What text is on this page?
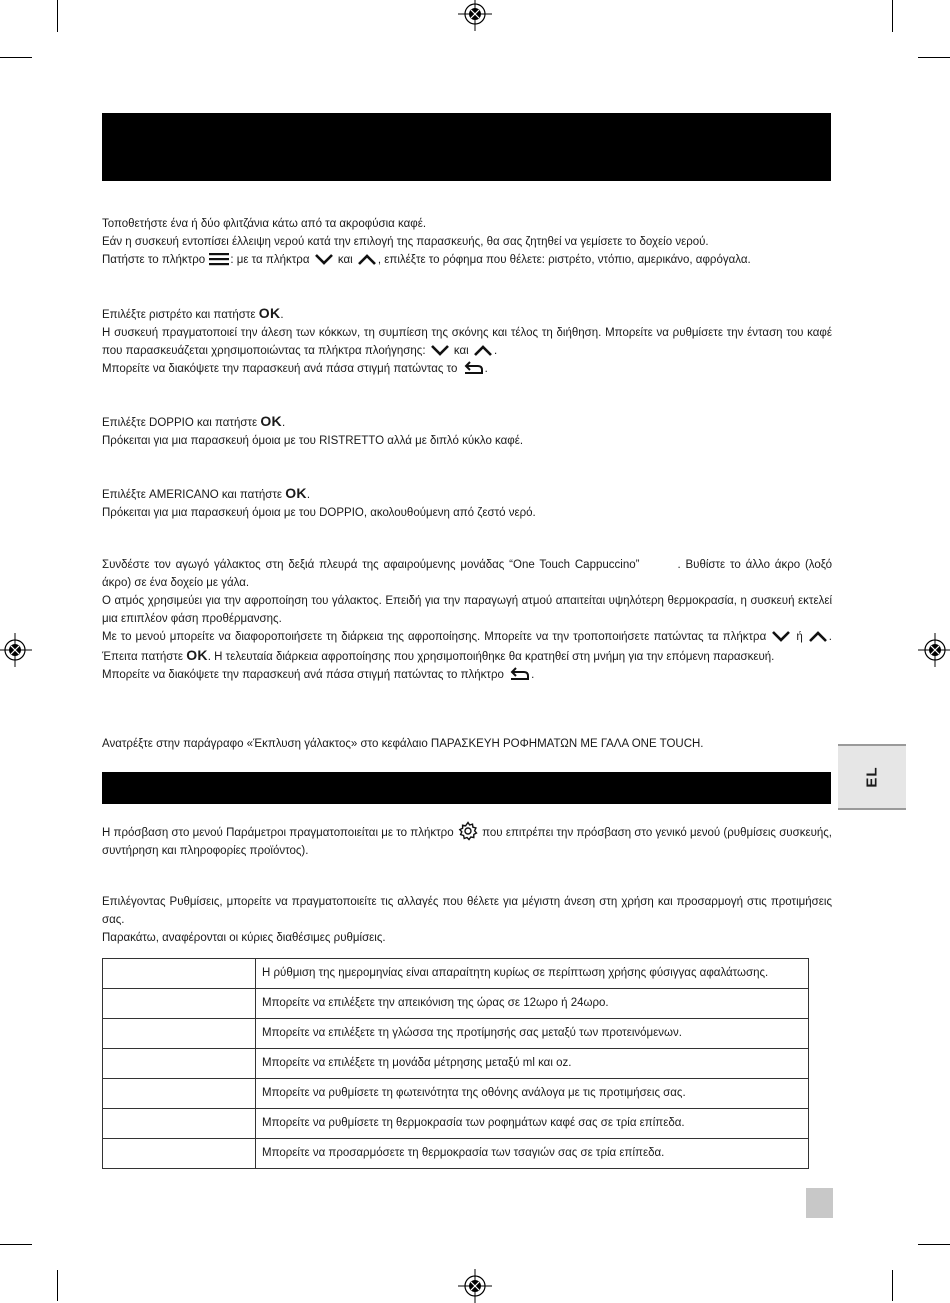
EL

Τοποθετήστε ένα ή δύο φλιτζάνια κάτω από τα ακροφύσια καφέ.

Εάν η συσκευή εντοπίσει έλλειψη νερού κατά την επιλογή της παρασκευής, θα σας ζητηθεί να γεμίσετε το δοχείο νερού.

Πατήστε το πλήκτρο : με τα πλήκτρα και , επιλέξτε το ρόφημα που θέλετε: ριστρέτο, ντόπιο, αμερικάνο, αφρόγαλα.

Επιλέξτε ριστρέτο και πατήστε OK.

Η συσκευή πραγματοποιεί την άλεση των κόκκων, τη συμπίεση της σκόνης και τέλος τη διήθηση. Μπορείτε να ρυθμίσετε την ένταση του καφέ που παρασκευάζεται χρησιμοποιώντας τα πλήκτρα πλοήγησης: και .

Μπορείτε να διακόψετε την παρασκευή ανά πάσα στιγμή πατώντας το .

Επιλέξτε DOPPIO και πατήστε OK.

Πρόκειται για μια παρασκευή όμοια με του RISTRETTO αλλά με διπλό κύκλο καφέ.

Επιλέξτε AMERICANO και πατήστε OK.

Πρόκειται για μια παρασκευή όμοια με του DOPPIO, ακολουθούμενη από ζεστό νερό.

Συνδέστε τον αγωγό γάλακτος στη δεξιά πλευρά της αφαιρούμενης μονάδας “One Touch Cappuccino”	. Βυθίστε το άλλο άκρο (λοξό άκρο) σε ένα δοχείο με γάλα.

Ο ατμός χρησιμεύει για την αφροποίηση του γάλακτος. Επειδή για την παραγωγή ατμού απαιτείται υψηλότερη θερμοκρασία, η συσκευή εκτελεί μια επιπλέον φάση προθέρμανσης.

Με το μενού μπορείτε να διαφοροποιήσετε τη διάρκεια της αφροποίησης. Μπορείτε να την τροποποιήσετε πατώντας τα πλήκτρα	ή . Έπειτα πατήστε OK. Η τελευταία διάρκεια αφροποίησης που χρησιμοποιήθηκε θα κρατηθεί στη μνήμη για την επόμενη παρασκευή.

Μπορείτε να διακόψετε την παρασκευή ανά πάσα στιγμή πατώντας το πλήκτρο .

Ανατρέξτε στην παράγραφο «Έκπλυση γάλακτος» στο κεφάλαιο ΠΑΡΑΣΚΕΥΗ ΡΟΦΗΜΑΤΩΝ ΜΕ ΓΑΛΑ ONE TOUCH.

Η πρόσβαση στο μενού Παράμετροι πραγματοποιείται με το πλήκτρο που επιτρέπει την πρόσβαση στο γενικό μενού (ρυθμίσεις συσκευής, συντήρηση και πληροφορίες προϊόντος).

Επιλέγοντας Ρυθμίσεις, μπορείτε να πραγματοποιείτε τις αλλαγές που θέλετε για μέγιστη άνεση στη χρήση και προσαρμογή στις προτιμήσεις σας.

Παρακάτω, αναφέρονται οι κύριες διαθέσιμες ρυθμίσεις.

	Η ρύθμιση της ημερομηνίας είναι απαραίτητη κυρίως σε περίπτωση χρήσης φύσιγγας αφαλάτωσης.
	Μπορείτε να επιλέξετε την απεικόνιση της ώρας σε 12ωρο ή 24ωρο.
	Μπορείτε να επιλέξετε τη γλώσσα της προτίμησής σας μεταξύ των προτεινόμενων.
	Μπορείτε να επιλέξετε τη μονάδα μέτρησης μεταξύ ml και oz.
	Μπορείτε να ρυθμίσετε τη φωτεινότητα της οθόνης ανάλογα με τις προτιμήσεις σας.
	Μπορείτε να ρυθμίσετε τη θερμοκρασία των ροφημάτων καφέ σας σε τρία επίπεδα.
	Μπορείτε να προσαρμόσετε τη θερμοκρασία των τσαγιών σας σε τρία επίπεδα.
